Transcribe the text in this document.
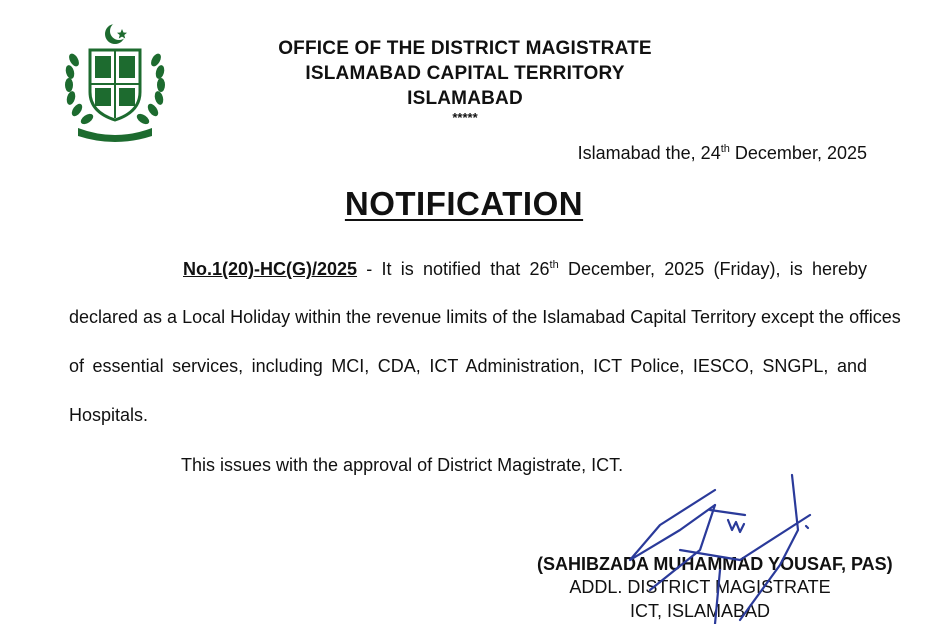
OFFICE OF THE DISTRICT MAGISTRATE
ISLAMABAD CAPITAL TERRITORY
ISLAMABAD
*****
Islamabad the, 24th December, 2025
NOTIFICATION
No.1(20)-HC(G)/2025 - It is notified that 26th December, 2025 (Friday), is hereby
declared as a Local Holiday within the revenue limits of the Islamabad Capital Territory except the offices
of essential services, including MCI, CDA, ICT Administration, ICT Police, IESCO, SNGPL, and
Hospitals.
This issues with the approval of District Magistrate, ICT.
(SAHIBZADA MUHAMMAD YOUSAF, PAS)
ADDL. DISTRICT MAGISTRATE
ICT, ISLAMABAD
